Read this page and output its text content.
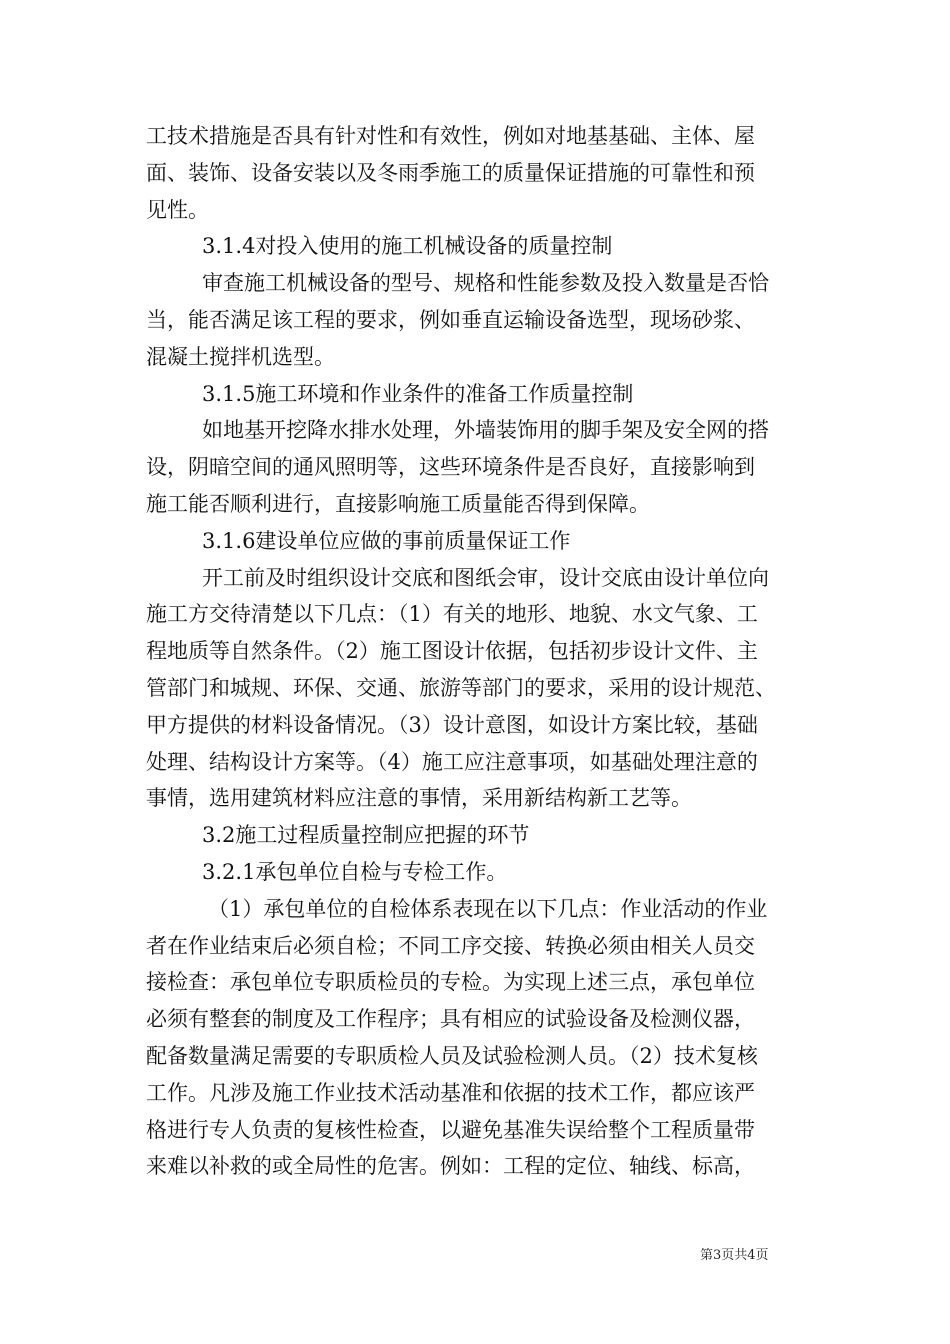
工技术措施是否具有针对性和有效性，例如对地基基础、主体、屋
面、装饰、设备安装以及冬雨季施工的质量保证措施的可靠性和预
见性。
3.1.4对投入使用的施工机械设备的质量控制
审查施工机械设备的型号、规格和性能参数及投入数量是否恰
当，能否满足该工程的要求，例如垂直运输设备选型，现场砂浆、
混凝土搅拌机选型。
3.1.5施工环境和作业条件的准备工作质量控制
如地基开挖降水排水处理，外墙装饰用的脚手架及安全网的搭
设，阴暗空间的通风照明等，这些环境条件是否良好，直接影响到
施工能否顺利进行，直接影响施工质量能否得到保障。
3.1.6建设单位应做的事前质量保证工作
开工前及时组织设计交底和图纸会审，设计交底由设计单位向
施工方交待清楚以下几点：（1）有关的地形、地貌、水文气象、工
程地质等自然条件。（2）施工图设计依据，包括初步设计文件、主
管部门和城规、环保、交通、旅游等部门的要求，采用的设计规范、
甲方提供的材料设备情况。（3）设计意图，如设计方案比较，基础
处理、结构设计方案等。（4）施工应注意事项，如基础处理注意的
事情，选用建筑材料应注意的事情，采用新结构新工艺等。
3.2施工过程质量控制应把握的环节
3.2.1承包单位自检与专检工作。
（1）承包单位的自检体系表现在以下几点：作业活动的作业
者在作业结束后必须自检；不同工序交接、转换必须由相关人员交
接检查：承包单位专职质检员的专检。为实现上述三点，承包单位
必须有整套的制度及工作程序；具有相应的试验设备及检测仪器，
配备数量满足需要的专职质检人员及试验检测人员。（2）技术复核
工作。凡涉及施工作业技术活动基准和依据的技术工作，都应该严
格进行专人负责的复核性检查，以避免基准失误给整个工程质量带
来难以补救的或全局性的危害。例如：工程的定位、轴线、标高，
第3页共4页
